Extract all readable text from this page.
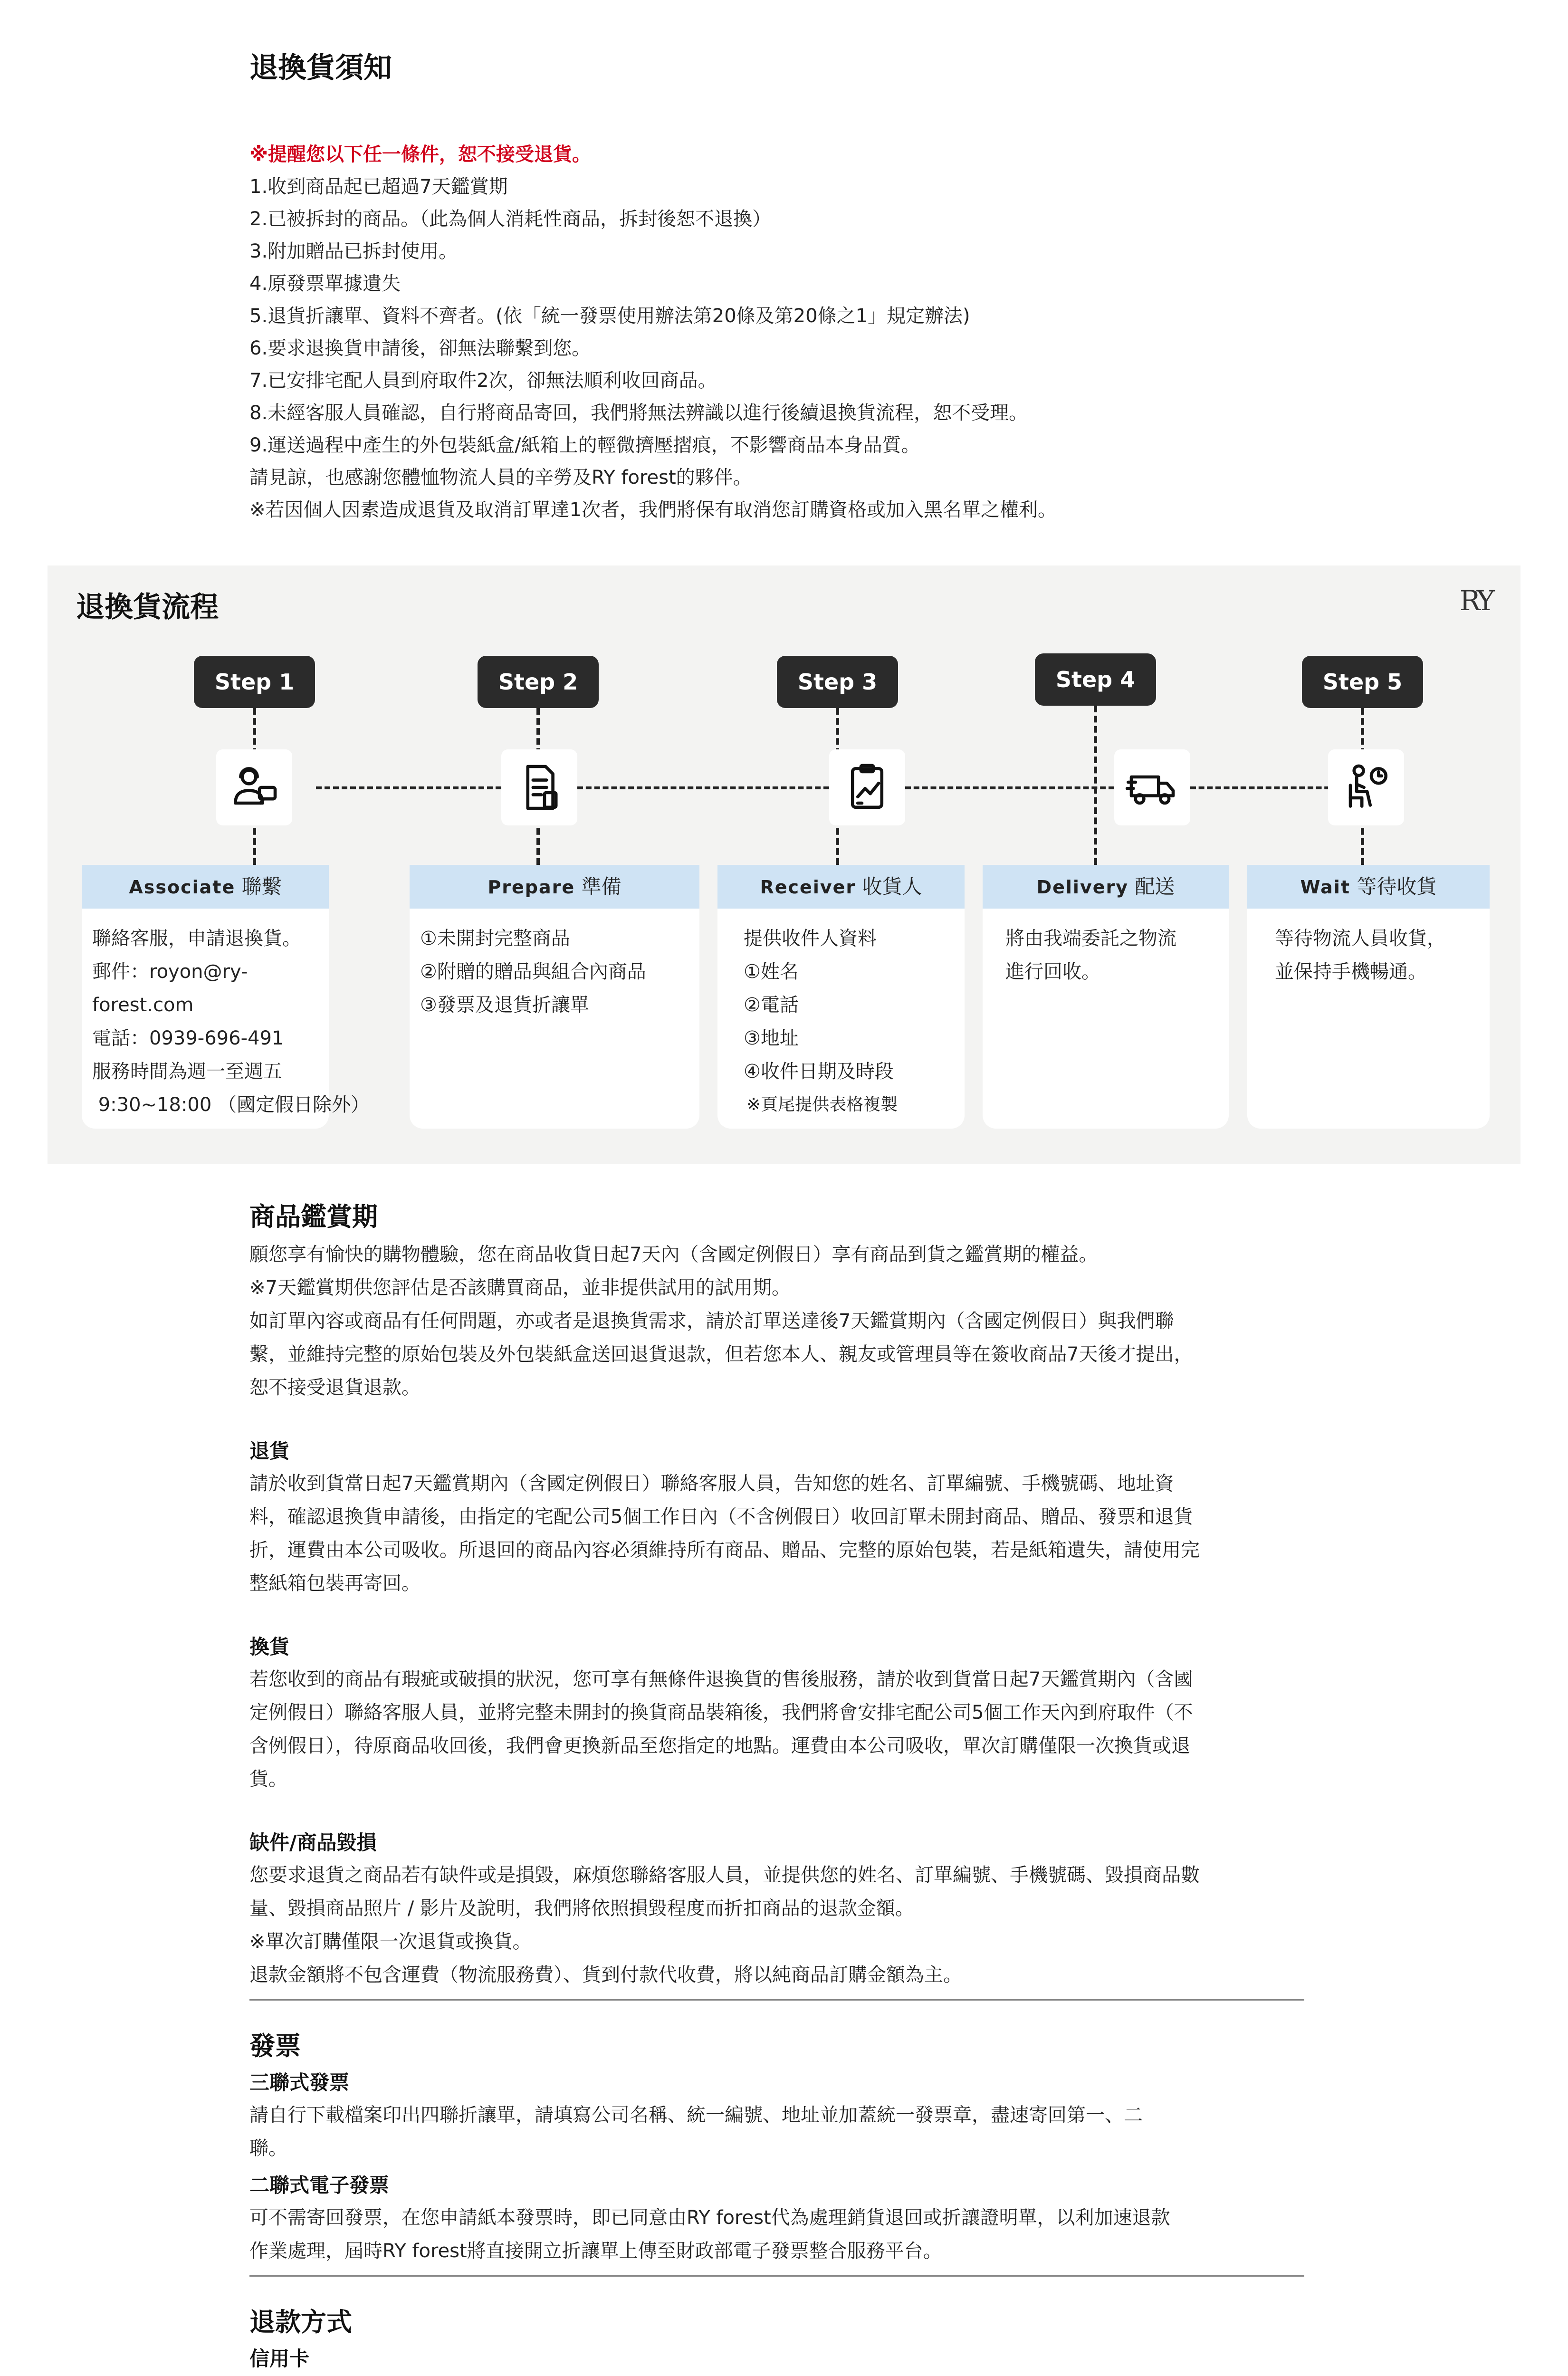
退換貨須知
※提醒您以下任一條件，恕不接受退貨。
1.收到商品起已超過7天鑑賞期
2.已被拆封的商品。（此為個人消耗性商品，拆封後恕不退換）
3.附加贈品已拆封使用。
4.原發票單據遺失
5.退貨折讓單、資料不齊者。(依「統一發票使用辦法第20條及第20條之1」規定辦法)
6.要求退換貨申請後，卻無法聯繫到您。
7.已安排宅配人員到府取件2次，卻無法順利收回商品。
8.未經客服人員確認，自行將商品寄回，我們將無法辨識以進行後續退換貨流程，恕不受理。
9.運送過程中產生的外包裝紙盒/紙箱上的輕微擠壓摺痕，不影響商品本身品質。
請見諒，也感謝您體恤物流人員的辛勞及RY forest的夥伴。
※若因個人因素造成退貨及取消訂單達1次者，我們將保有取消您訂購資格或加入黑名單之權利。
退換貨流程	RY
Step 1
Associate 聯繫
聯絡客服，申請退換貨。
郵件：royon@ry-forest.com
電話：0939-696-491
服務時間為週一至週五
9:30~18:00 （國定假日除外）
Step 2
Prepare 準備
①未開封完整商品
②附贈的贈品與組合內商品
③發票及退貨折讓單
Step 3
Receiver 收貨人
提供收件人資料
①姓名
②電話
③地址
④收件日期及時段
※頁尾提供表格複製
Step 4
Delivery 配送
將由我端委託之物流
進行回收。
Step 5
Wait 等待收貨
等待物流人員收貨，
並保持手機暢通。
商品鑑賞期

願您享有愉快的購物體驗，您在商品收貨日起7天內（含國定例假日）享有商品到貨之鑑賞期的權益。

※7天鑑賞期供您評估是否該購買商品，並非提供試用的試用期。

如訂單內容或商品有任何問題，亦或者是退換貨需求，請於訂單送達後7天鑑賞期內（含國定例假日）與我們聯

繫，並維持完整的原始包裝及外包裝紙盒送回退貨退款，但若您本人、親友或管理員等在簽收商品7天後才提出，

恕不接受退貨退款。

退貨

請於收到貨當日起7天鑑賞期內（含國定例假日）聯絡客服人員，告知您的姓名、訂單編號、手機號碼、地址資

料，確認退換貨申請後，由指定的宅配公司5個工作日內（不含例假日）收回訂單未開封商品、贈品、發票和退貨

折，運費由本公司吸收。所退回的商品內容必須維持所有商品、贈品、完整的原始包裝，若是紙箱遺失，請使用完

整紙箱包裝再寄回。

換貨

若您收到的商品有瑕疵或破損的狀況，您可享有無條件退換貨的售後服務，請於收到貨當日起7天鑑賞期內（含國

定例假日）聯絡客服人員，並將完整未開封的換貨商品裝箱後，我們將會安排宅配公司5個工作天內到府取件（不

含例假日），待原商品收回後，我們會更換新品至您指定的地點。運費由本公司吸收，單次訂購僅限一次換貨或退

貨。

缺件/商品毀損

您要求退貨之商品若有缺件或是損毀，麻煩您聯絡客服人員，並提供您的姓名、訂單編號、手機號碼、毀損商品數

量、毀損商品照片 / 影片及說明，我們將依照損毀程度而折扣商品的退款金額。

※單次訂購僅限一次退貨或換貨。

退款金額將不包含運費（物流服務費）、貨到付款代收費，將以純商品訂購金額為主。

發票
三聯式發票

請自行下載檔案印出四聯折讓單，請填寫公司名稱、統一編號、地址並加蓋統一發票章，盡速寄回第一、二

聯。

二聯式電子發票

可不需寄回發票，在您申請紙本發票時，即已同意由RY forest代為處理銷貨退回或折讓證明單，以利加速退款

作業處理，屆時RY forest將直接開立折讓單上傳至財政部電子發票整合服務平台。

退款方式
信用卡
